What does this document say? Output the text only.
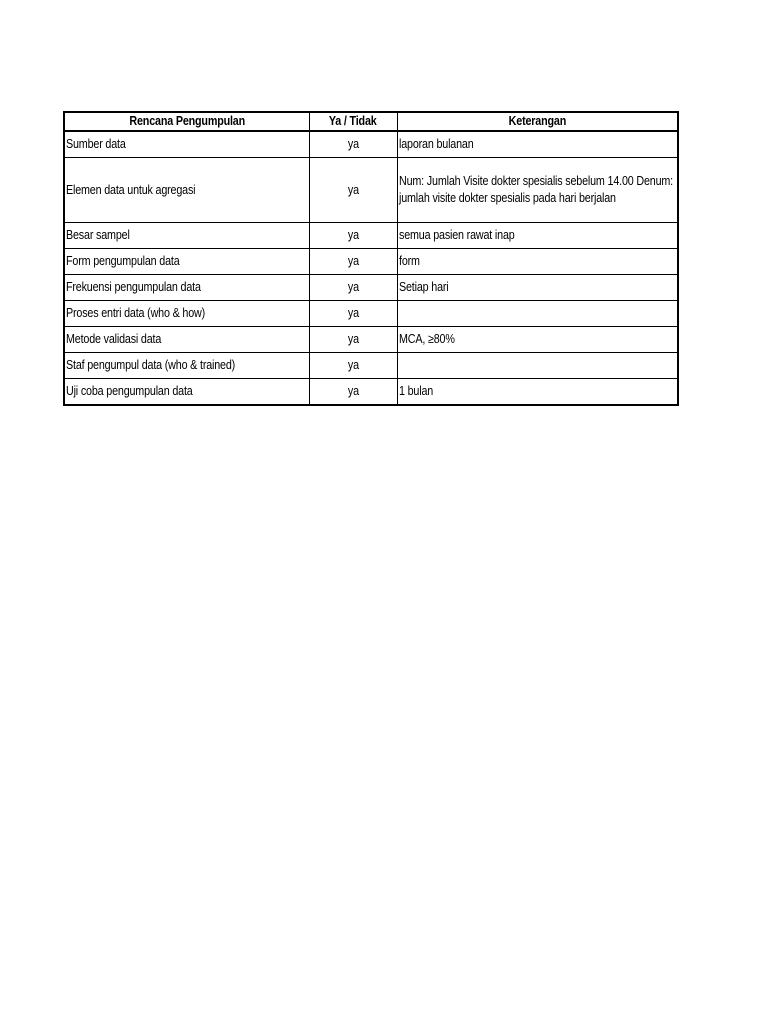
Rencana Pengumpulan	Ya / Tidak	Keterangan
Sumber data	ya	laporan bulanan

Elemen data untuk agregasi	ya	Num: Jumlah Visite dokter spesialis sebelum 14.00 Denum: jumlah visite dokter spesialis pada hari berjalan

Besar sampel	ya	semua pasien rawat inap

Form pengumpulan data	ya	form

Frekuensi pengumpulan data	ya	Setiap hari

Proses entri data (who & how)	ya	

Metode validasi data	ya	MCA, ≥80%

Staf pengumpul data (who & trained)	ya	

Uji coba pengumpulan data	ya	1 bulan
